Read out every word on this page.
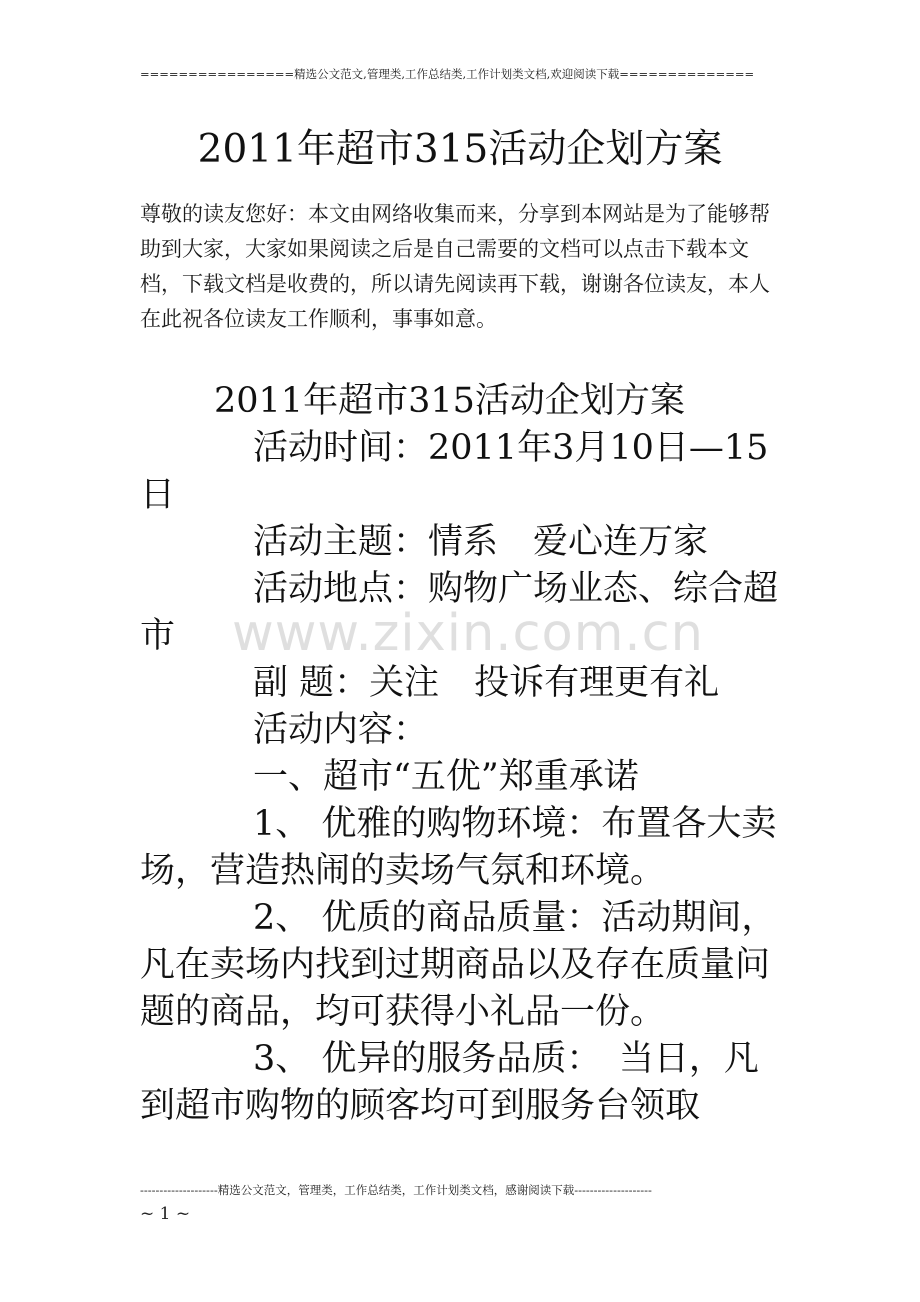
================精选公文范文,管理类,工作总结类,工作计划类文档,欢迎阅读下载==============
2011年超市315活动企划方案
尊敬的读友您好：本文由网络收集而来，分享到本网站是为了能够帮助到大家，大家如果阅读之后是自己需要的文档可以点击下载本文档，下载文档是收费的，所以请先阅读再下载，谢谢各位读友，本人在此祝各位读友工作顺利，事事如意。

2011年超市315活动企划方案

活动时间：2011年3月10日—15日

活动主题：情系　爱心连万家

活动地点：购物广场业态、综合超市

副 题：关注　投诉有理更有礼

活动内容：

一、超市“五优”郑重承诺

1、 优雅的购物环境：布置各大卖场，营造热闹的卖场气氛和环境。

2、 优质的商品质量：活动期间，凡在卖场内找到过期商品以及存在质量问题的商品，均可获得小礼品一份。

3、 优异的服务品质：　当日，凡到超市购物的顾客均可到服务台领取

www.zixin.com.cn
--------------------精选公文范文，管理类，工作总结类，工作计划类文档，感谢阅读下载--------------------
~ 1 ~
